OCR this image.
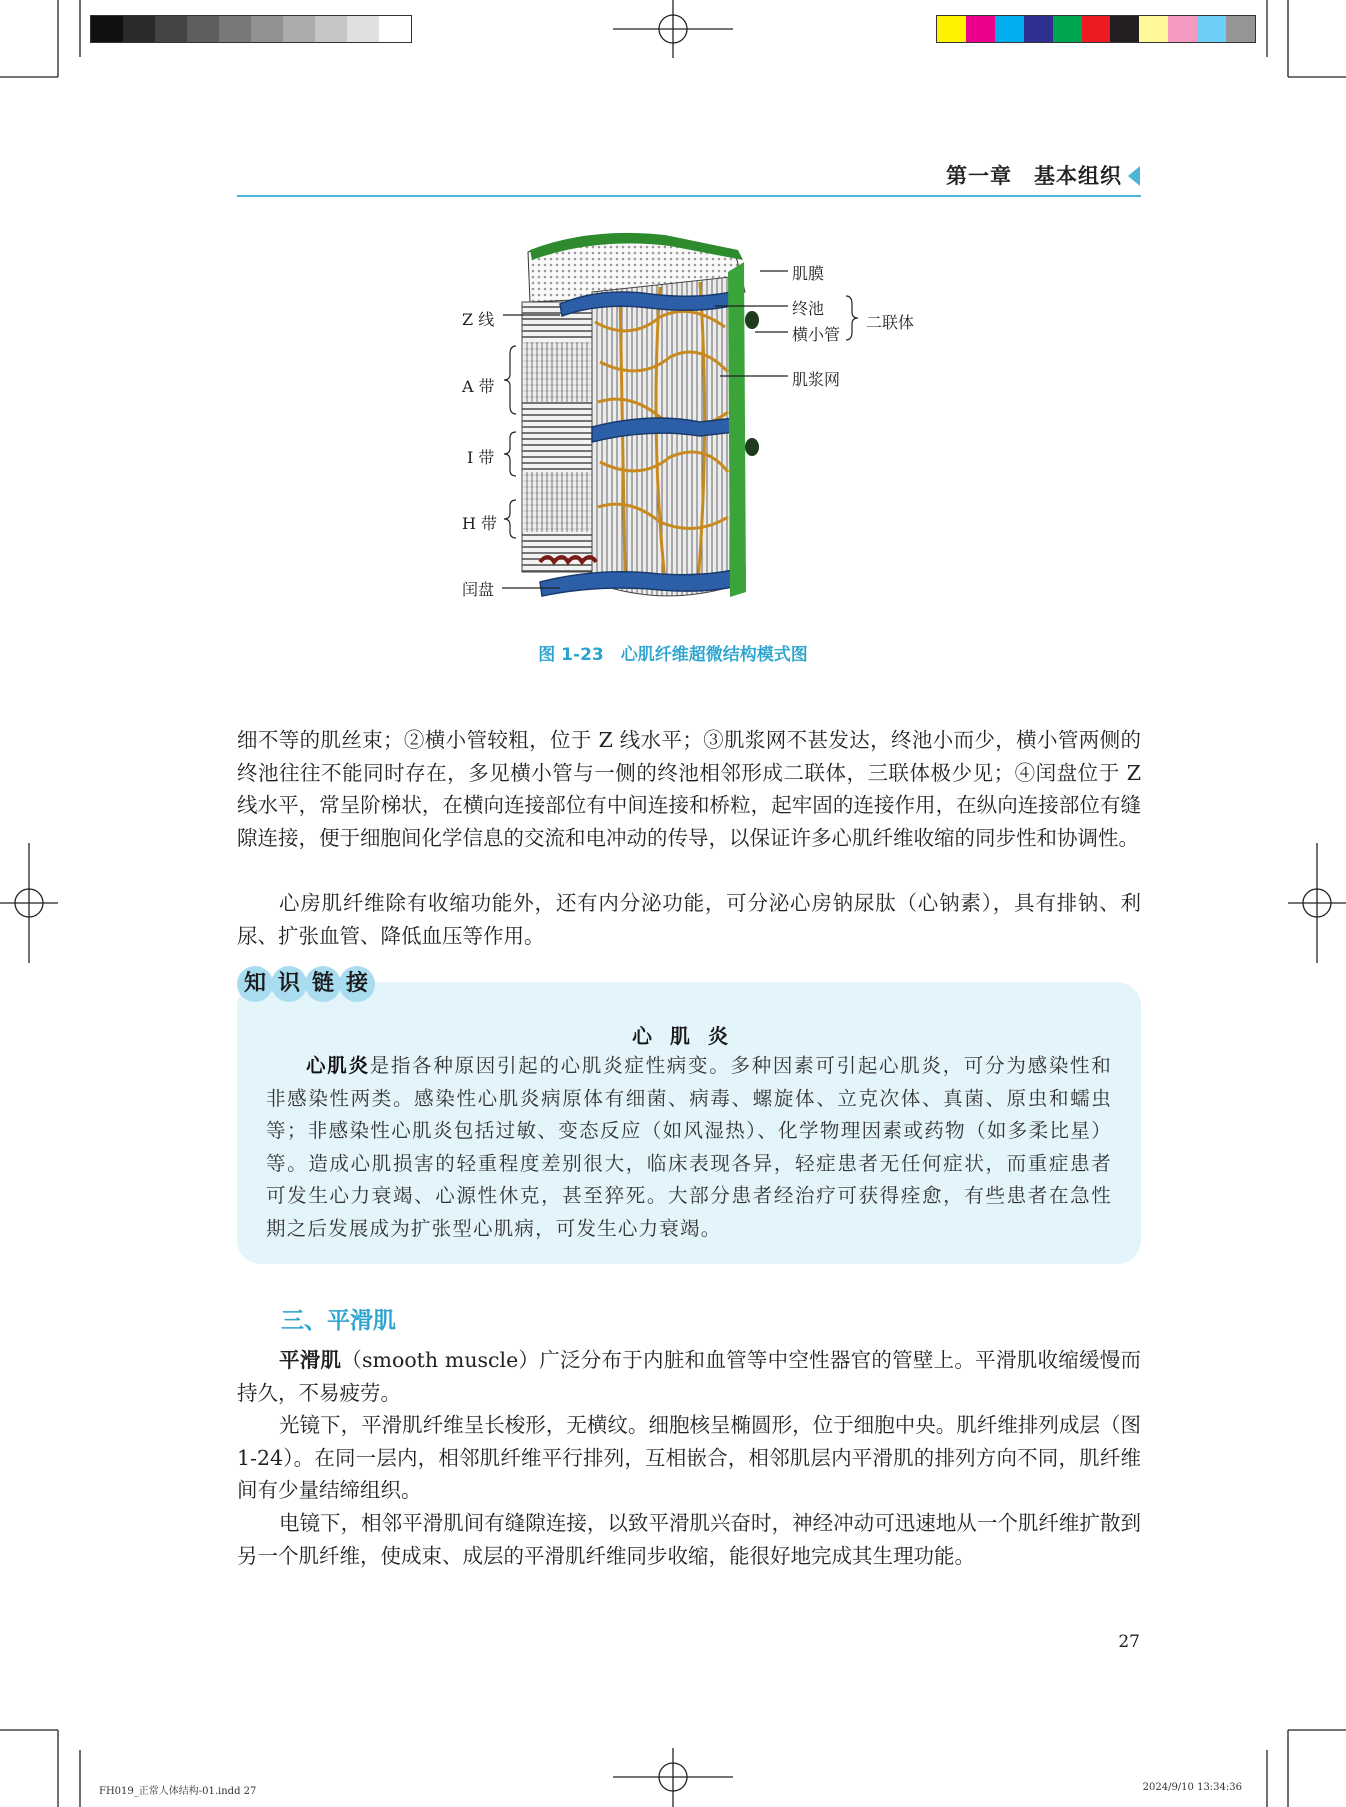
第一章　基本组织
Z 线
A 带
I 带
H 带
闰盘
肌膜
终池
横小管
肌浆网
二联体
图 1-23　心肌纤维超微结构模式图
细不等的肌丝束；②横小管较粗，位于 Z 线水平；③肌浆网不甚发达，终池小而少，横小管两侧的终池往往不能同时存在，多见横小管与一侧的终池相邻形成二联体，三联体极少见；④闰盘位于 Z 线水平，常呈阶梯状，在横向连接部位有中间连接和桥粒，起牢固的连接作用，在纵向连接部位有缝隙连接，便于细胞间化学信息的交流和电冲动的传导，以保证许多心肌纤维收缩的同步性和协调性。
心房肌纤维除有收缩功能外，还有内分泌功能，可分泌心房钠尿肽（心钠素），具有排钠、利尿、扩张血管、降低血压等作用。
知 识 链 接
心肌炎
心肌炎是指各种原因引起的心肌炎症性病变。多种因素可引起心肌炎，可分为感染性和非感染性两类。感染性心肌炎病原体有细菌、病毒、螺旋体、立克次体、真菌、原虫和蠕虫等；非感染性心肌炎包括过敏、变态反应（如风湿热）、化学物理因素或药物（如多柔比星）等。造成心肌损害的轻重程度差别很大，临床表现各异，轻症患者无任何症状，而重症患者可发生心力衰竭、心源性休克，甚至猝死。大部分患者经治疗可获得痊愈，有些患者在急性期之后发展成为扩张型心肌病，可发生心力衰竭。
三、平滑肌
平滑肌（smooth muscle）广泛分布于内脏和血管等中空性器官的管壁上。平滑肌收缩缓慢而持久，不易疲劳。
光镜下，平滑肌纤维呈长梭形，无横纹。细胞核呈椭圆形，位于细胞中央。肌纤维排列成层（图 1-24）。在同一层内，相邻肌纤维平行排列，互相嵌合，相邻肌层内平滑肌的排列方向不同，肌纤维间有少量结缔组织。
电镜下，相邻平滑肌间有缝隙连接，以致平滑肌兴奋时，神经冲动可迅速地从一个肌纤维扩散到另一个肌纤维，使成束、成层的平滑肌纤维同步收缩，能很好地完成其生理功能。
27
FH019_正常人体结构-01.indd 27	2024/9/10 13:34:36
